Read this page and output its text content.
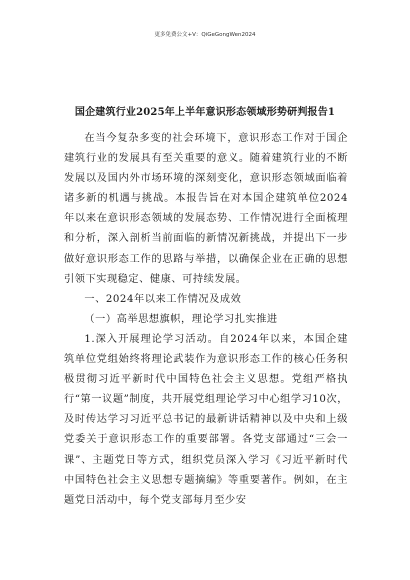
更多免费公文+V：QiGeGongWen2024
国企建筑行业2025年上半年意识形态领域形势研判报告1

在当今复杂多变的社会环境下，意识形态工作对于国企建筑行业的发展具有至关重要的意义。随着建筑行业的不断发展以及国内外市场环境的深刻变化，意识形态领域面临着诸多新的机遇与挑战。本报告旨在对本国企建筑单位2024年以来在意识形态领域的发展态势、工作情况进行全面梳理和分析，深入剖析当前面临的新情况新挑战，并提出下一步做好意识形态工作的思路与举措，以确保企业在正确的思想引领下实现稳定、健康、可持续发展。

一、2024年以来工作情况及成效

（一）高举思想旗帜，理论学习扎实推进

1.深入开展理论学习活动。自2024年以来，本国企建筑单位党组始终将理论武装作为意识形态工作的核心任务积极贯彻习近平新时代中国特色社会主义思想。党组严格执行“第一议题”制度，共开展党组理论学习中心组学习10次，及时传达学习习近平总书记的最新讲话精神以及中央和上级党委关于意识形态工作的重要部署。各党支部通过“三会一课”、主题党日等方式，组织党员深入学习《习近平新时代中国特色社会主义思想专题摘编》等重要著作。例如，在主题党日活动中，每个党支部每月至少安
